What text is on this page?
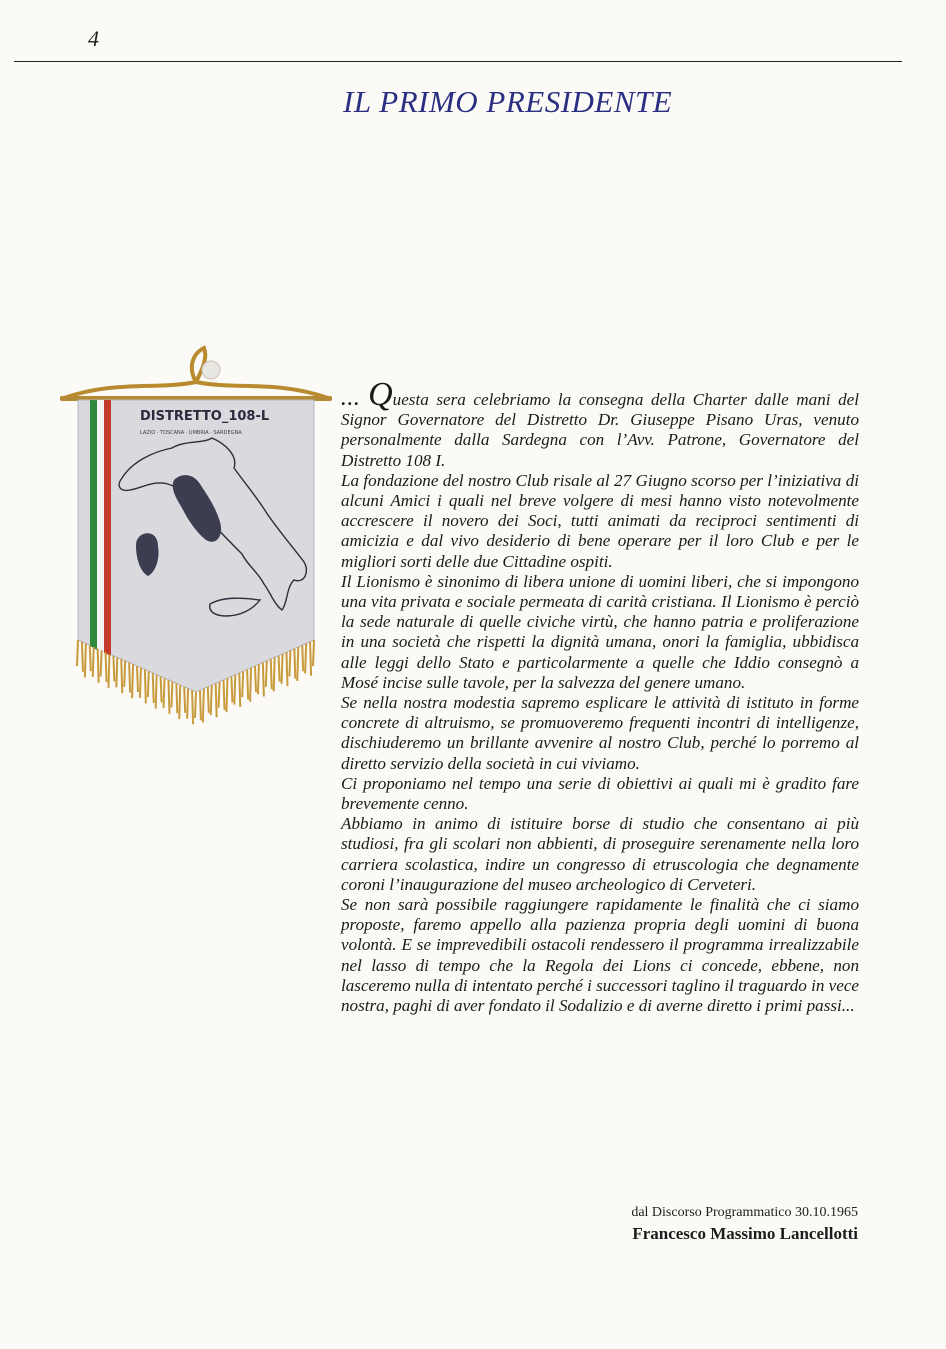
4
IL PRIMO PRESIDENTE
DISTRETTO_108-L
LAZIO · TOSCANA · UMBRIA · SARDEGNA

... Questa sera celebriamo la consegna della Charter dalle mani del Signor Governatore del Distretto Dr. Giuseppe Pisano Uras, venuto personalmente dalla Sardegna con l’Avv. Patrone, Governatore del Distretto 108 I.

La fondazione del nostro Club risale al 27 Giugno scorso per l’iniziativa di alcuni Amici i quali nel breve volgere di mesi hanno visto notevolmente accrescere il novero dei Soci, tutti animati da reciproci sentimenti di amicizia e dal vivo desiderio di bene operare per il loro Club e per le migliori sorti delle due Cittadine ospiti.

Il Lionismo è sinonimo di libera unione di uomini liberi, che si impongono una vita privata e sociale permeata di carità cristiana. Il Lionismo è perciò la sede naturale di quelle civiche virtù, che hanno patria e proliferazione in una società che rispetti la dignità umana, onori la famiglia, ubbidisca alle leggi dello Stato e particolarmente a quelle che Iddio consegnò a Mosé incise sulle tavole, per la salvezza del genere umano.

Se nella nostra modestia sapremo esplicare le attività di istituto in forme concrete di altruismo, se promuoveremo frequenti incontri di intelligenze, dischiuderemo un brillante avvenire al nostro Club, perché lo porremo al diretto servizio della società in cui viviamo.

Ci proponiamo nel tempo una serie di obiettivi ai quali mi è gradito fare brevemente cenno.

Abbiamo in animo di istituire borse di studio che consentano ai più studiosi, fra gli scolari non abbienti, di proseguire serenamente nella loro carriera scolastica, indire un congresso di etruscologia che degnamente coroni l’inaugurazione del museo archeologico di Cerveteri.

Se non sarà possibile raggiungere rapidamente le finalità che ci siamo proposte, faremo appello alla pazienza propria degli uomini di buona volontà. E se imprevedibili ostacoli rendessero il programma irrealizzabile nel lasso di tempo che la Regola dei Lions ci concede, ebbene, non lasceremo nulla di intentato perché i successori taglino il traguardo in vece nostra, paghi di aver fondato il Sodalizio e di averne diretto i primi passi...

dal Discorso Programmatico 30.10.1965
Francesco Massimo Lancellotti
